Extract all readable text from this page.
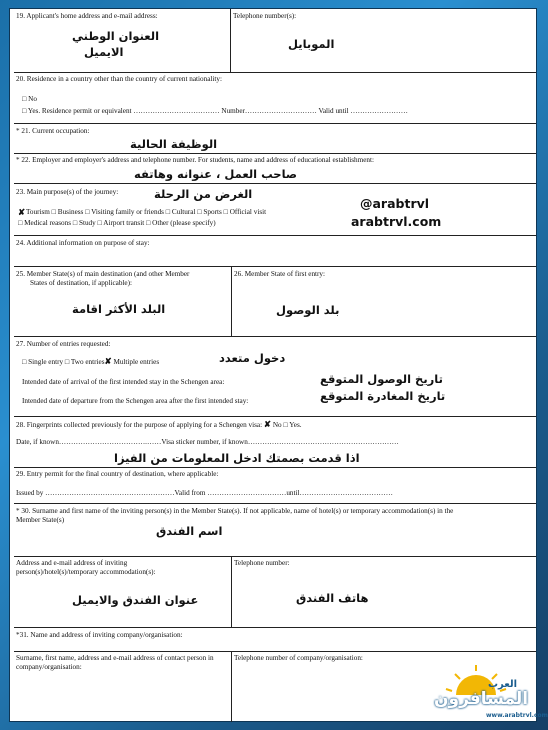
19. Applicant's home address and e-mail address:
العنوان الوطني
الايميل
Telephone number(s):
الموبايل
20. Residence in a country other than the country of current nationality:
□ No
□ Yes. Residence permit or equivalent ……………………………… Number………………………… Valid until ……………………
* 21. Current occupation:
الوظيفة الحالية
* 22. Employer and employer's address and telephone number. For students, name and address of educational establishment:
صاحب العمل ، عنوانه وهاتفه
23. Main purpose(s) of the journey:	الغرض من الرحلة
✘ Tourism □ Business □ Visiting family or friends □ Cultural □ Sports □ Official visit
□ Medical reasons □ Study □ Airport transit □ Other (please specify)
@arabtrvl
arabtrvl.com
24. Additional information on purpose of stay:
25. Member State(s) of main destination (and other Member
States of destination, if applicable):
البلد الأكثر اقامة
26. Member State of first entry:
بلد الوصول
27. Number of entries requested:
□ Single entry □ Two entries✘ Multiple entries	دخول متعدد
Intended date of arrival of the first intended stay in the Schengen area:	تاريخ الوصول المتوقع
Intended date of departure from the Schengen area after the first intended stay:	تاريخ المغادرة المتوقع
28. Fingerprints collected previously for the purpose of applying for a Schengen visa: ✘ No □ Yes.
Date, if known……………………………….……Visa sticker number, if known………………………………………………………
اذا قدمت بصمتك ادخل المعلومات من الفيزا
29. Entry permit for the final country of destination, where applicable:
Issued by ………………………………………………Valid from ……………………………until…………………………………
* 30. Surname and first name of the inviting person(s) in the Member State(s). If not applicable, name of hotel(s) or temporary accommodation(s) in the
Member State(s)
اسم الفندق
Address and e-mail address of inviting person(s)/hotel(s)/temporary accommodation(s):
عنوان الفندق والايميل
Telephone number:
هاتف الفندق
*31. Name and address of inviting company/organisation:
Surname, first name, address and e-mail address of contact person in company/organisation:
Telephone number of company/organisation:
العرب
المسافرون
www.arabtrvl.com
